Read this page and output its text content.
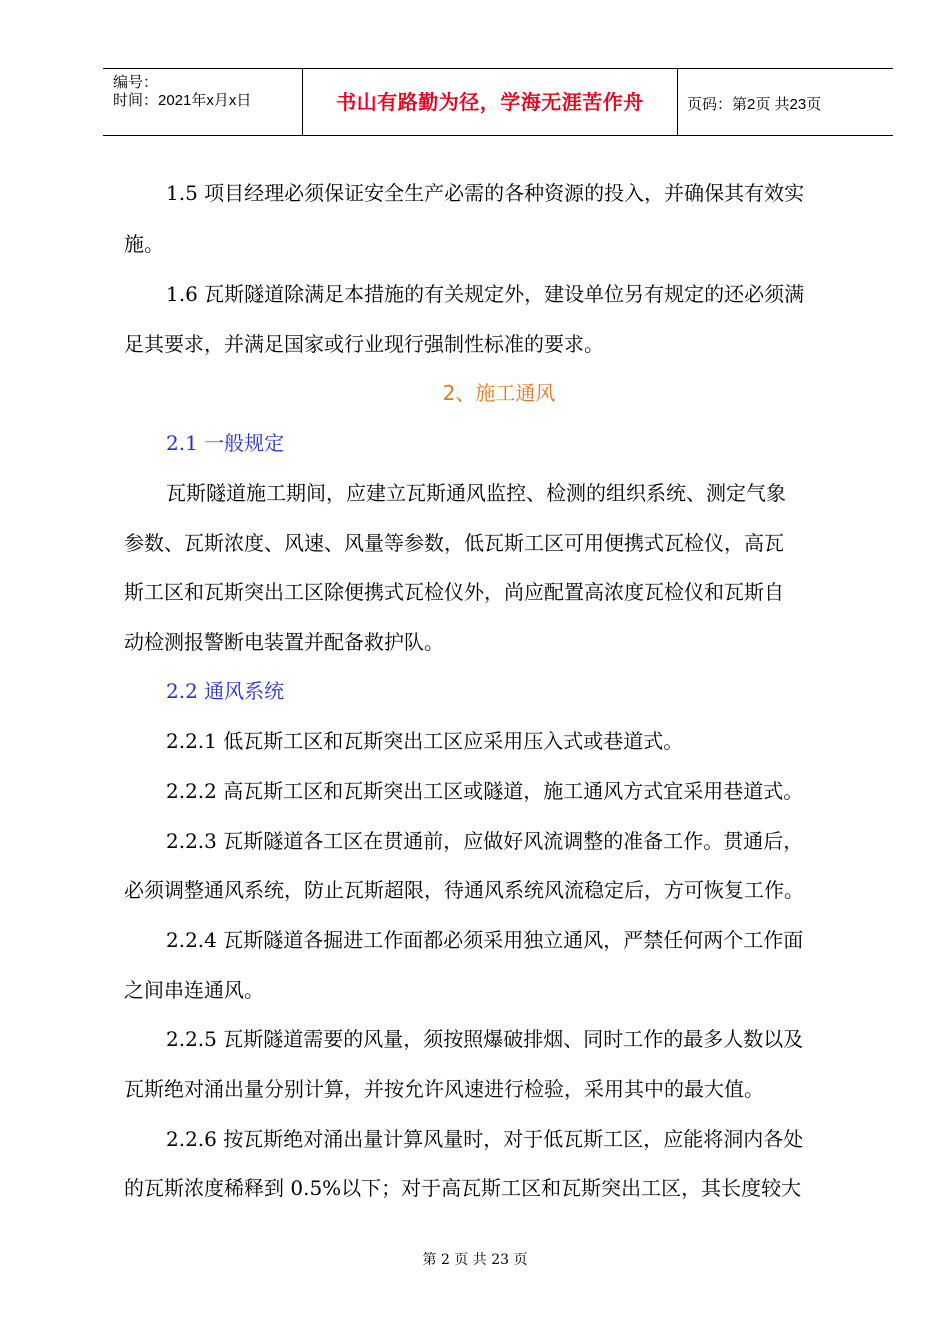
编号：
时间：2021年x月x日	书山有路勤为径，学海无涯苦作舟	页码：第2页 共23页
1.5 项目经理必须保证安全生产必需的各种资源的投入，并确保其有效实
施。
1.6 瓦斯隧道除满足本措施的有关规定外，建设单位另有规定的还必须满
足其要求，并满足国家或行业现行强制性标准的要求。
2、施工通风
2.1 一般规定
瓦斯隧道施工期间，应建立瓦斯通风监控、检测的组织系统、测定气象
参数、瓦斯浓度、风速、风量等参数，低瓦斯工区可用便携式瓦检仪，高瓦
斯工区和瓦斯突出工区除便携式瓦检仪外，尚应配置高浓度瓦检仪和瓦斯自
动检测报警断电装置并配备救护队。
2.2 通风系统
2.2.1 低瓦斯工区和瓦斯突出工区应采用压入式或巷道式。
2.2.2 高瓦斯工区和瓦斯突出工区或隧道，施工通风方式宜采用巷道式。
2.2.3 瓦斯隧道各工区在贯通前，应做好风流调整的准备工作。贯通后，
必须调整通风系统，防止瓦斯超限，待通风系统风流稳定后，方可恢复工作。
2.2.4 瓦斯隧道各掘进工作面都必须采用独立通风，严禁任何两个工作面
之间串连通风。
2.2.5 瓦斯隧道需要的风量，须按照爆破排烟、同时工作的最多人数以及
瓦斯绝对涌出量分别计算，并按允许风速进行检验，采用其中的最大值。
2.2.6 按瓦斯绝对涌出量计算风量时，对于低瓦斯工区，应能将洞内各处
的瓦斯浓度稀释到 0.5%以下；对于高瓦斯工区和瓦斯突出工区，其长度较大
第 2 页 共 23 页
